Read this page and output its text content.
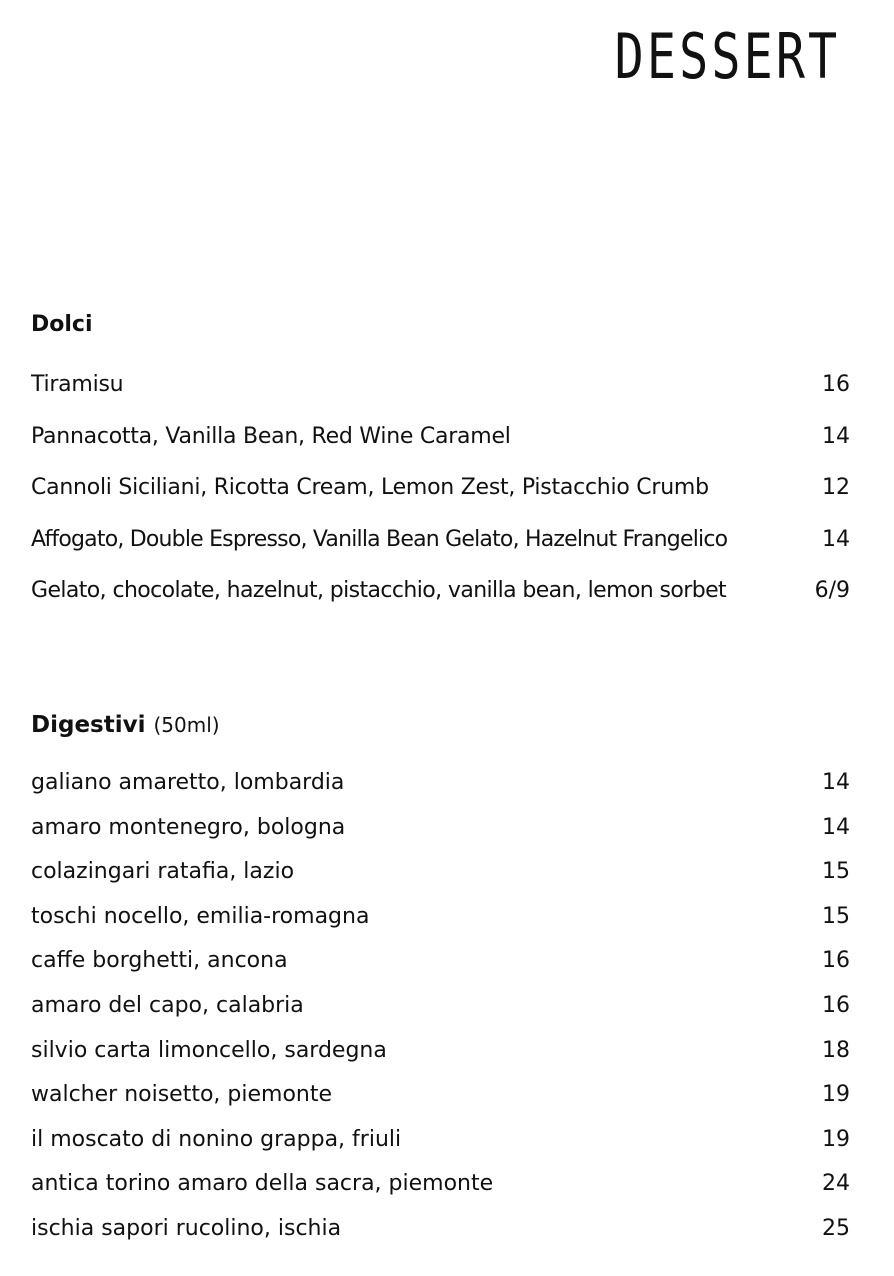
DESSERT
Dolci
Tiramisu	16
Pannacotta, Vanilla Bean, Red Wine Caramel	14
Cannoli Siciliani, Ricotta Cream, Lemon Zest, Pistacchio Crumb	12
Affogato, Double Espresso, Vanilla Bean Gelato, Hazelnut Frangelico	14
Gelato, chocolate, hazelnut, pistacchio, vanilla bean, lemon sorbet	6/9
Digestivi (50ml)
galiano amaretto, lombardia	14
amaro montenegro, bologna	14
colazingari ratafia, lazio	15
toschi nocello, emilia-romagna	15
caffe borghetti, ancona	16
amaro del capo, calabria	16
silvio carta limoncello, sardegna	18
walcher noisetto, piemonte	19
il moscato di nonino grappa, friuli	19
antica torino amaro della sacra, piemonte	24
ischia sapori rucolino, ischia	25
